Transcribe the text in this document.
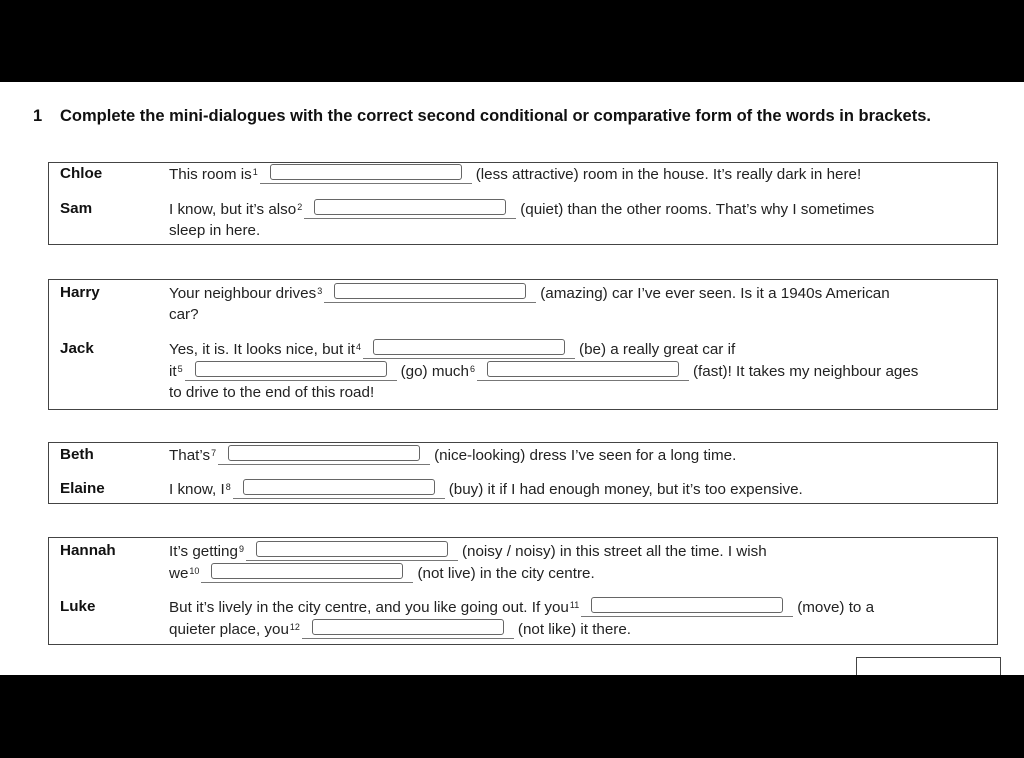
1 Complete the mini-dialogues with the correct second conditional or comparative form of the words in brackets.
Chloe	This room $is^1$	(less attractive) room in the house. It’s really dark in here!
Sam	I know, but it’s also$^2$	(quiet) than the other rooms. That’s why I sometimes
sleep in here.
Harry	Your neighbour drives$^3$	(amazing) car I’ve ever seen. Is it a 1940s American
car?
Jack	Yes, it is. It looks nice, but $it^4$	(be) a really great car if
$it^5$	(go) much$^6$	(fast)! It takes my neighbour ages
to drive to the end of this road!
Beth	$That’s^7$	(nice-looking) dress I’ve seen for a long time.
Elaine	I know, $I^8$	(buy) it if I had enough money, but it’s too expensive.
Hannah	It’s getting$^9$	(noisy / noisy) in this street all the time. I wish
$we^{10}$	(not live) in the city centre.
Luke	But it’s lively in the city centre, and you like going out. If you$^{11}$	(move) to a
quieter place, you$^{12}$	(not like) it there.
